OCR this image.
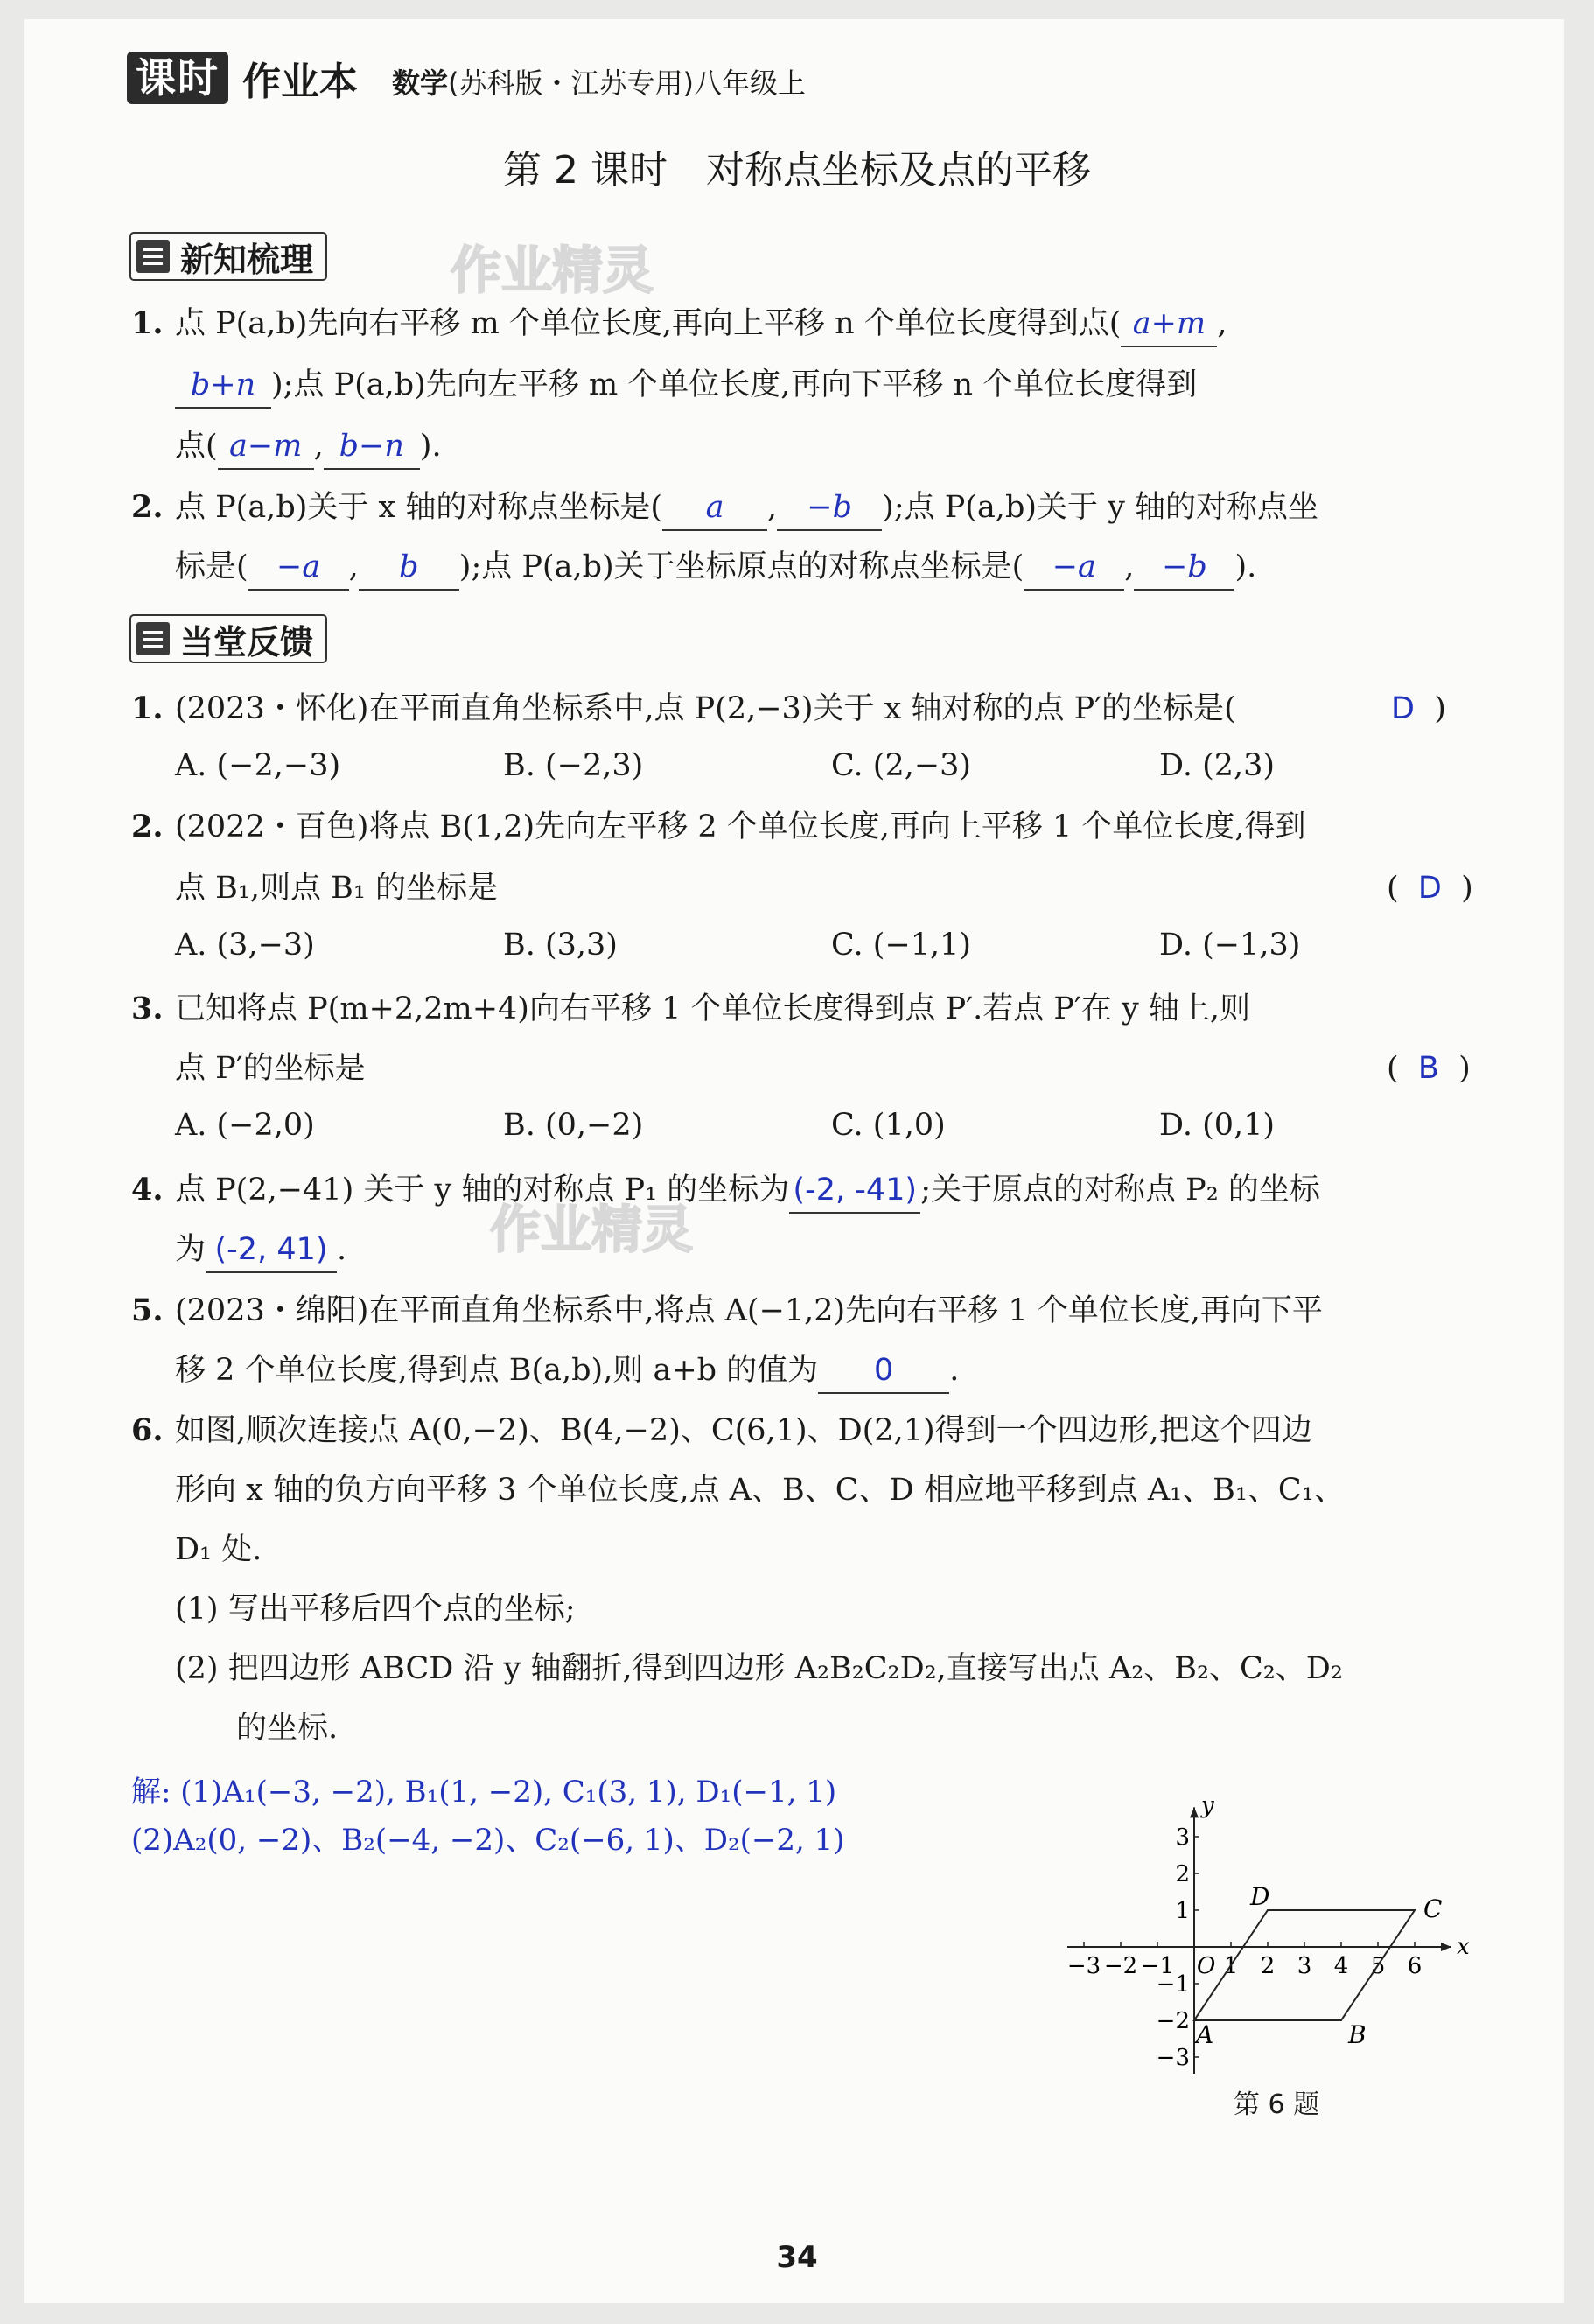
课时 作业本 数学(苏科版・江苏专用)八年级上
第 2 课时　对称点坐标及点的平移
作业精灵
作业精灵
新知梳理
1. 点 P(a,b)先向右平移 m 个单位长度,再向上平移 n 个单位长度得到点( a+m ,
b+n );点 P(a,b)先向左平移 m 个单位长度,再向下平移 n 个单位长度得到
点( a−m , b−n ).
2. 点 P(a,b)关于 x 轴的对称点坐标是( a , −b );点 P(a,b)关于 y 轴的对称点坐
标是( −a , b );点 P(a,b)关于坐标原点的对称点坐标是( −a , −b ).
当堂反馈
1. (2023・怀化)在平面直角坐标系中,点 P(2,−3)关于 x 轴对称的点 P′的坐标是(	D )
A. (−2,−3)	B. (−2,3)	C. (2,−3)	D. (2,3)
2. (2022・百色)将点 B(1,2)先向左平移 2 个单位长度,再向上平移 1 个单位长度,得到
点 B₁,则点 B₁ 的坐标是	(  D  )
A. (3,−3)	B. (3,3)	C. (−1,1)	D. (−1,3)
3. 已知将点 P(m+2,2m+4)向右平移 1 个单位长度得到点 P′.若点 P′在 y 轴上,则
点 P′的坐标是	(  B  )
A. (−2,0)	B. (0,−2)	C. (1,0)	D. (0,1)
4. 点 P(2,−41) 关于 y 轴的对称点 P₁ 的坐标为 (-2, -41) ;关于原点的对称点 P₂ 的坐标
为 (-2, 41) .
5. (2023・绵阳)在平面直角坐标系中,将点 A(−1,2)先向右平移 1 个单位长度,再向下平
移 2 个单位长度,得到点 B(a,b),则 a+b 的值为 0 .
6. 如图,顺次连接点 A(0,−2)、B(4,−2)、C(6,1)、D(2,1)得到一个四边形,把这个四边
形向 x 轴的负方向平移 3 个单位长度,点 A、B、C、D 相应地平移到点 A₁、B₁、C₁、
D₁ 处.
(1) 写出平移后四个点的坐标;
(2) 把四边形 ABCD 沿 y 轴翻折,得到四边形 A₂B₂C₂D₂,直接写出点 A₂、B₂、C₂、D₂
的坐标.
解: (1)A₁(−3, −2), B₁(1, −2), C₁(3, 1), D₁(−1, 1)
(2)A₂(0, −2)、B₂(−4, −2)、C₂(−6, 1)、D₂(−2, 1)
x
y
−3 −2 −1 1 2 3 4 5 6
−3
−2
−1
1
2
3
O
A	B
C
D
第 6 题
34
